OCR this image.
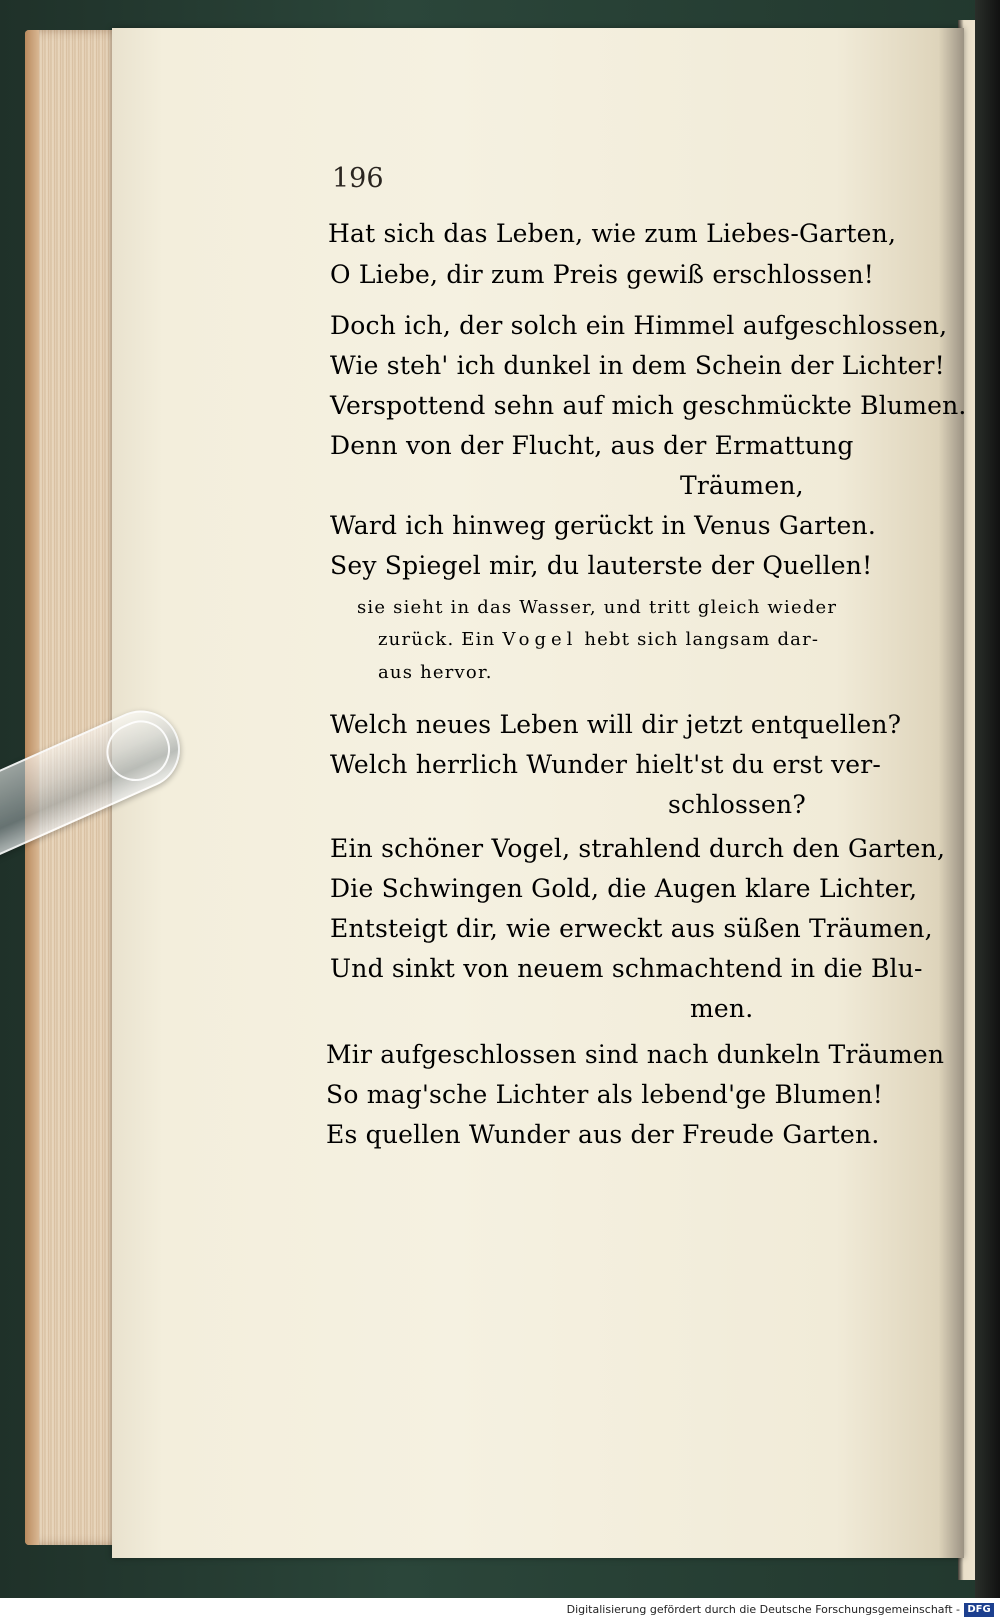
196
Hat sich das Leben, wie zum Liebes-Garten,
O Liebe, dir zum Preis gewiß erschlossen!
Doch ich, der solch ein Himmel aufgeschlossen,
Wie steh' ich dunkel in dem Schein der Lichter!
Verspottend sehn auf mich geschmückte Blumen.
Denn von der Flucht, aus der Ermattung
Träumen,
Ward ich hinweg gerückt in Venus Garten.
Sey Spiegel mir, du lauterste der Quellen!
sie sieht in das Wasser, und tritt gleich wieder
zurück. Ein Vogel hebt sich langsam dar-
aus hervor.
Welch neues Leben will dir jetzt entquellen?
Welch herrlich Wunder hielt'st du erst ver-
schlossen?
Ein schöner Vogel, strahlend durch den Garten,
Die Schwingen Gold, die Augen klare Lichter,
Entsteigt dir, wie erweckt aus süßen Träumen,
Und sinkt von neuem schmachtend in die Blu-
men.
Mir aufgeschlossen sind nach dunkeln Träumen
So mag'sche Lichter als lebend'ge Blumen!
Es quellen Wunder aus der Freude Garten.
Digitalisierung gefördert durch die Deutsche Forschungsgemeinschaft - DFG
